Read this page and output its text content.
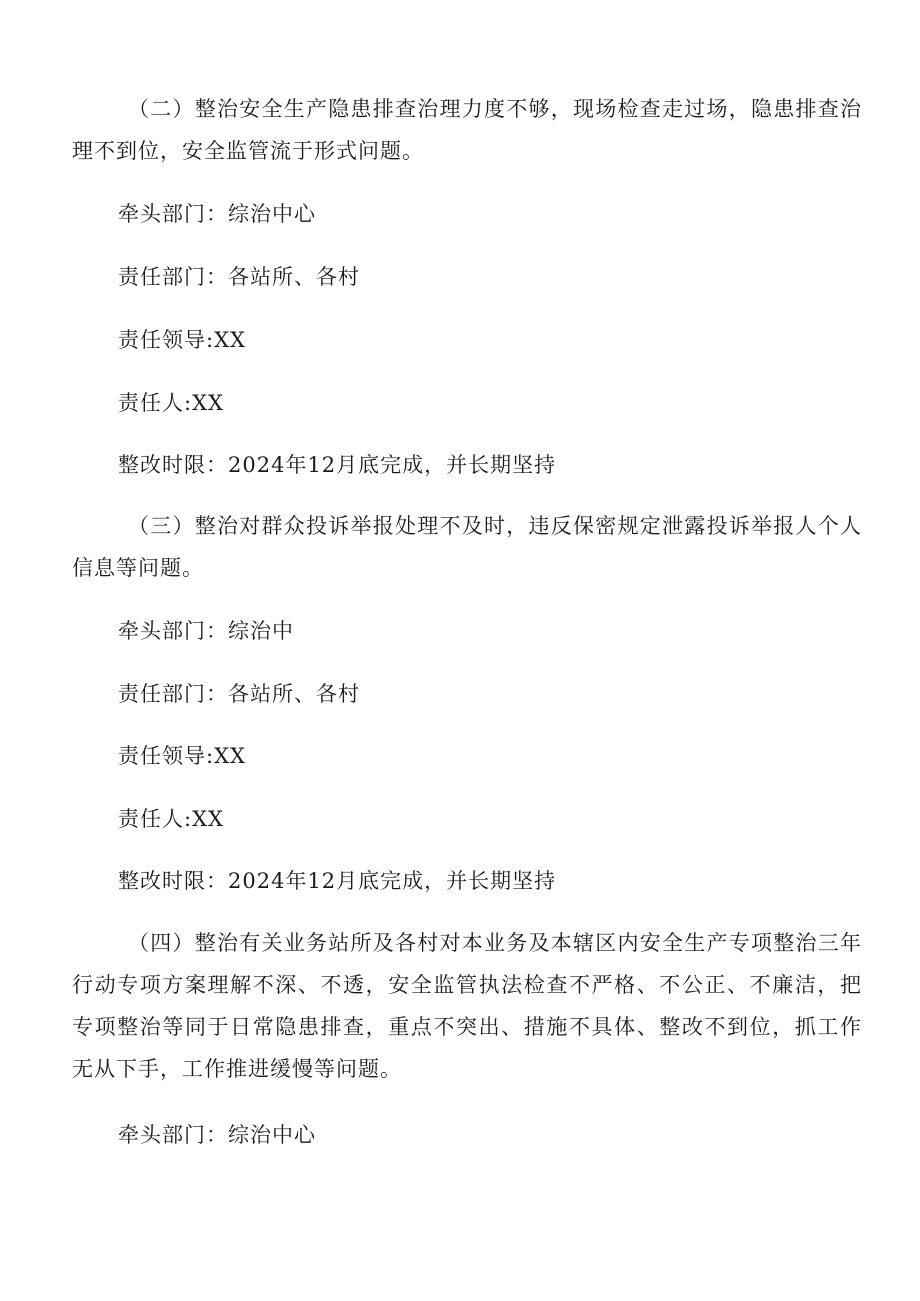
（二）整治安全生产隐患排查治理力度不够，现场检查走过场，隐患排查治理不到位，安全监管流于形式问题。

牵头部门：综治中心

责任部门：各站所、各村

责任领导:XX

责任人:XX

整改时限：2024年12月底完成，并长期坚持

（三）整治对群众投诉举报处理不及时，违反保密规定泄露投诉举报人个人信息等问题。

牵头部门：综治中

责任部门：各站所、各村

责任领导:XX

责任人:XX

整改时限：2024年12月底完成，并长期坚持

（四）整治有关业务站所及各村对本业务及本辖区内安全生产专项整治三年行动专项方案理解不深、不透，安全监管执法检查不严格、不公正、不廉洁，把专项整治等同于日常隐患排查，重点不突出、措施不具体、整改不到位，抓工作无从下手，工作推进缓慢等问题。

牵头部门：综治中心
